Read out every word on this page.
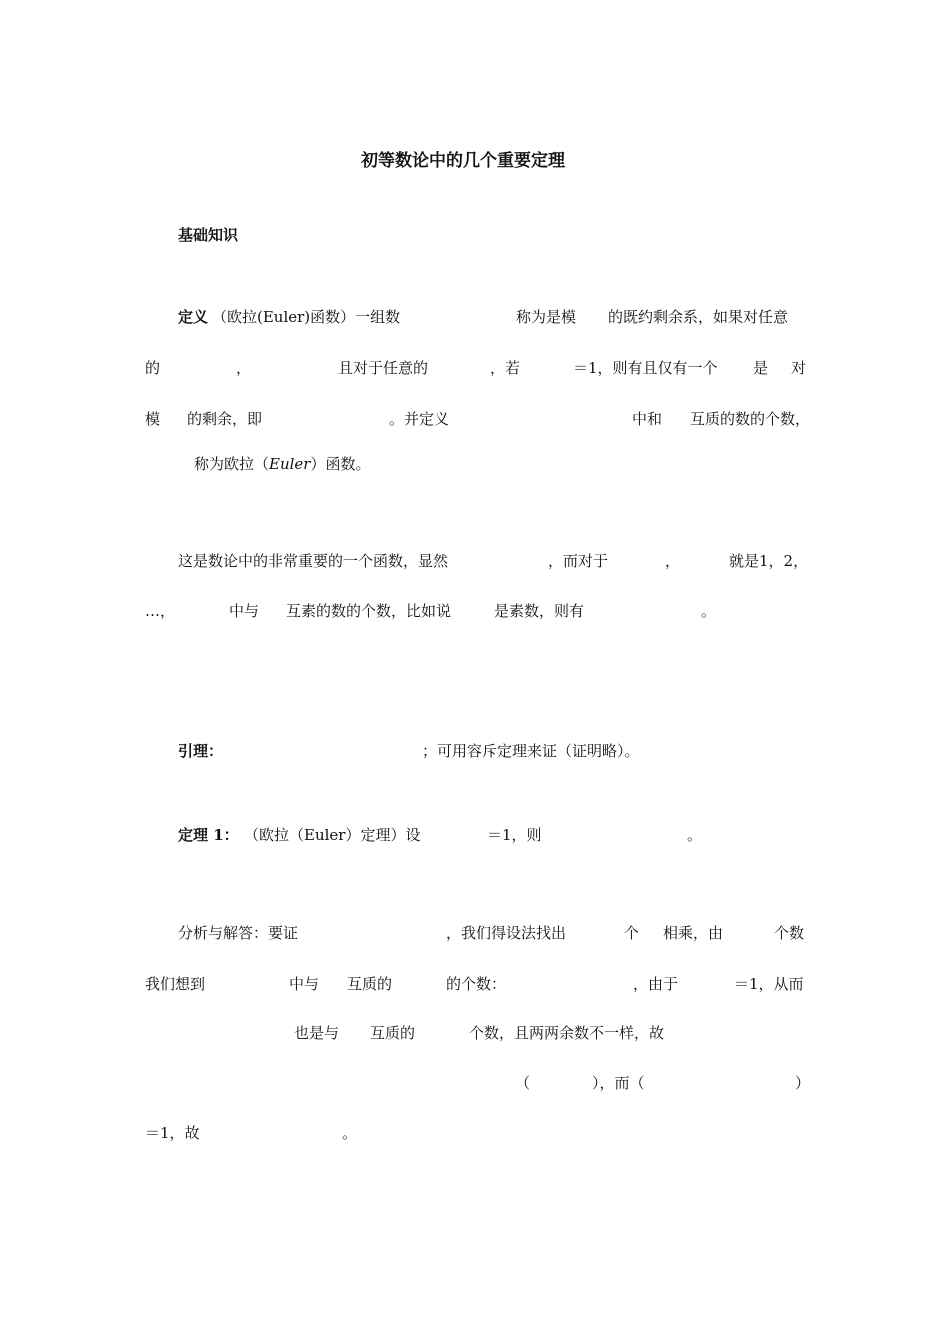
初等数论中的几个重要定理
基础知识
定义 （欧拉(Euler)函数）一组数	称为是模 的既约剩余系，如果对任意
的	，	且对于任意的	，若	＝1，则有且仅有一个 是 对
模 的剩余，即	。并定义	中和 互质的数的个数，
称为欧拉（Euler）函数。
这是数论中的非常重要的一个函数，显然	，而对于	，	就是1，2，
…，	中与 互素的数的个数，比如说	是素数，则有	。
引理：	；可用容斥定理来证（证明略）。
定理 1： （欧拉（Euler）定理）设	＝1，则	。
分析与解答：要证	，我们得设法找出	个 相乘，由	个数
我们想到	中与 互质的	的个数：	，由于	＝1，从而
也是与 互质的	个数，且两两余数不一样，故
（	），而（	）
＝1，故	。
